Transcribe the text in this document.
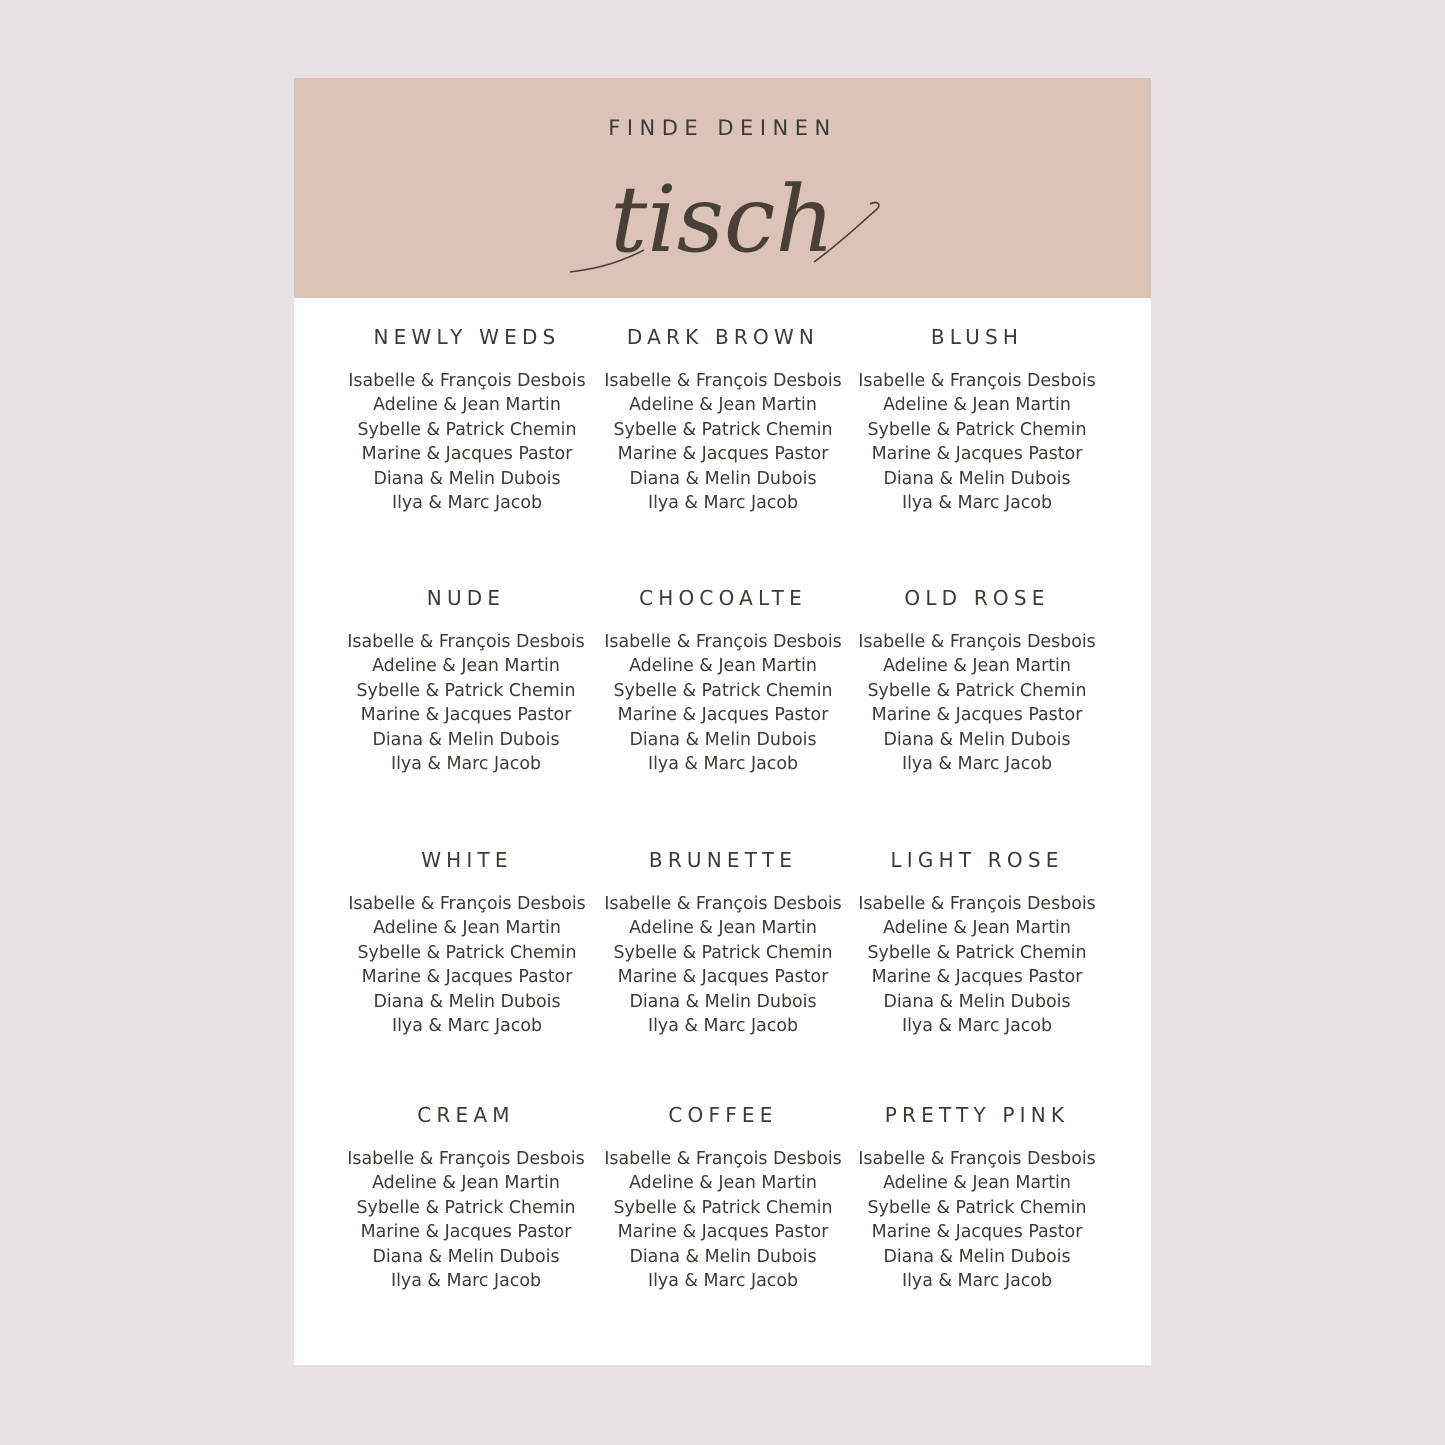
FINDE DEINEN
tisch
NEWLY WEDS
Isabelle & François Desbois
Adeline & Jean Martin
Sybelle & Patrick Chemin
Marine & Jacques Pastor
Diana & Melin Dubois
Ilya & Marc Jacob
DARK BROWN
Isabelle & François Desbois
Adeline & Jean Martin
Sybelle & Patrick Chemin
Marine & Jacques Pastor
Diana & Melin Dubois
Ilya & Marc Jacob
BLUSH
Isabelle & François Desbois
Adeline & Jean Martin
Sybelle & Patrick Chemin
Marine & Jacques Pastor
Diana & Melin Dubois
Ilya & Marc Jacob
NUDE
Isabelle & François Desbois
Adeline & Jean Martin
Sybelle & Patrick Chemin
Marine & Jacques Pastor
Diana & Melin Dubois
Ilya & Marc Jacob
CHOCOALTE
Isabelle & François Desbois
Adeline & Jean Martin
Sybelle & Patrick Chemin
Marine & Jacques Pastor
Diana & Melin Dubois
Ilya & Marc Jacob
OLD ROSE
Isabelle & François Desbois
Adeline & Jean Martin
Sybelle & Patrick Chemin
Marine & Jacques Pastor
Diana & Melin Dubois
Ilya & Marc Jacob
WHITE
Isabelle & François Desbois
Adeline & Jean Martin
Sybelle & Patrick Chemin
Marine & Jacques Pastor
Diana & Melin Dubois
Ilya & Marc Jacob
BRUNETTE
Isabelle & François Desbois
Adeline & Jean Martin
Sybelle & Patrick Chemin
Marine & Jacques Pastor
Diana & Melin Dubois
Ilya & Marc Jacob
LIGHT ROSE
Isabelle & François Desbois
Adeline & Jean Martin
Sybelle & Patrick Chemin
Marine & Jacques Pastor
Diana & Melin Dubois
Ilya & Marc Jacob
CREAM
Isabelle & François Desbois
Adeline & Jean Martin
Sybelle & Patrick Chemin
Marine & Jacques Pastor
Diana & Melin Dubois
Ilya & Marc Jacob
COFFEE
Isabelle & François Desbois
Adeline & Jean Martin
Sybelle & Patrick Chemin
Marine & Jacques Pastor
Diana & Melin Dubois
Ilya & Marc Jacob
PRETTY PINK
Isabelle & François Desbois
Adeline & Jean Martin
Sybelle & Patrick Chemin
Marine & Jacques Pastor
Diana & Melin Dubois
Ilya & Marc Jacob
